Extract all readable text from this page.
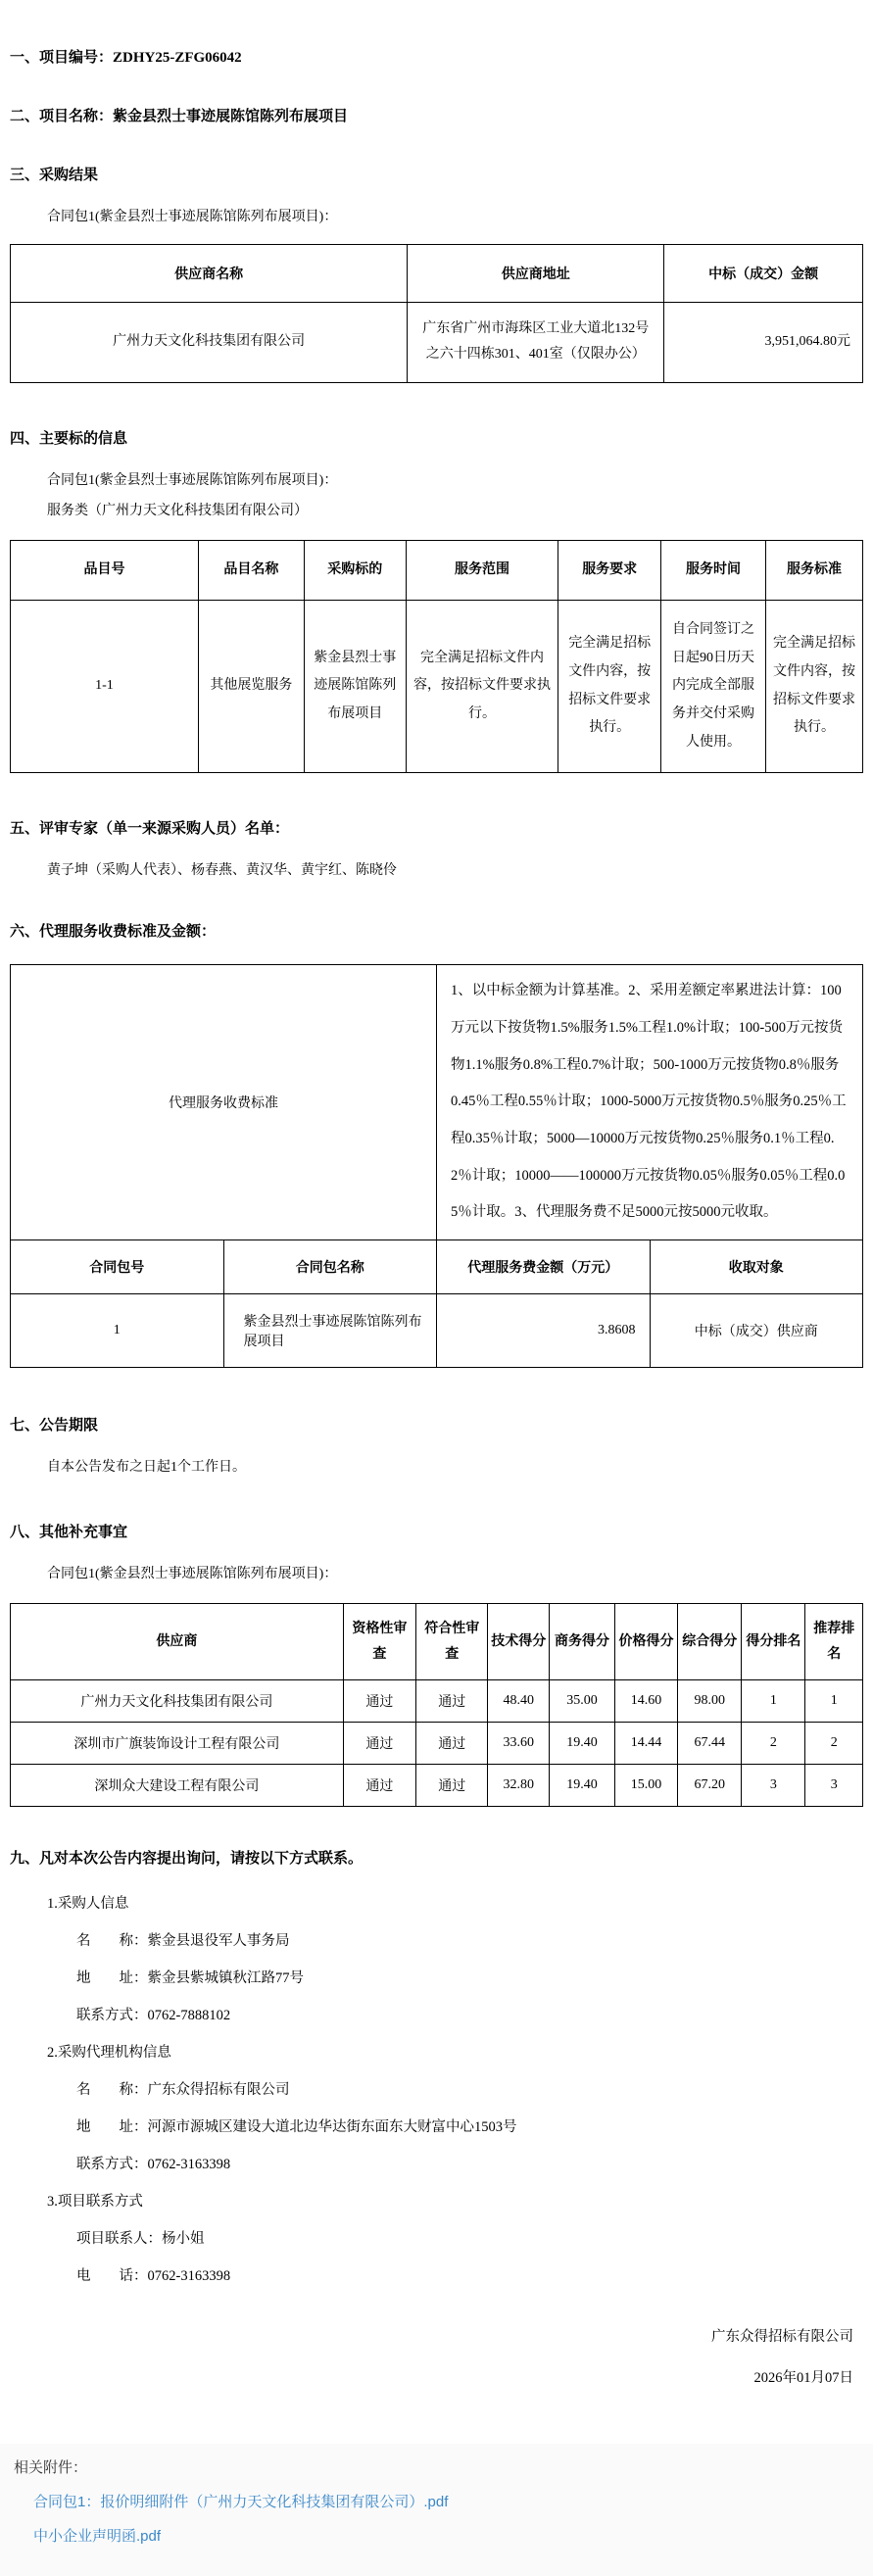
一、项目编号：ZDHY25-ZFG06042
二、项目名称：紫金县烈士事迹展陈馆陈列布展项目
三、采购结果
合同包1(紫金县烈士事迹展陈馆陈列布展项目)：
供应商名称	供应商地址	中标（成交）金额
广州力天文化科技集团有限公司	广东省广州市海珠区工业大道北132号之六十四栋301、401室（仅限办公）	3,951,064.80元
四、主要标的信息
合同包1(紫金县烈士事迹展陈馆陈列布展项目)：
服务类（广州力天文化科技集团有限公司）
品目号	品目名称	采购标的	服务范围	服务要求	服务时间	服务标准
1-1	其他展览服务	紫金县烈士事迹展陈馆陈列布展项目	完全满足招标文件内容，按招标文件要求执行。	完全满足招标文件内容，按招标文件要求执行。	自合同签订之日起90日历天内完成全部服务并交付采购人使用。	完全满足招标文件内容，按招标文件要求执行。
五、评审专家（单一来源采购人员）名单：
黄子坤（采购人代表）、杨春燕、黄汉华、黄宇红、陈晓伶
六、代理服务收费标准及金额：
代理服务收费标准		1、以中标金额为计算基准。2、采用差额定率累进法计算：100万元以下按货物1.5%服务1.5%工程1.0%计取；100-500万元按货物1.1%服务0.8%工程0.7%计取；500-1000万元按货物0.8％服务0.45％工程0.55％计取；1000-5000万元按货物0.5％服务0.25％工程0.35％计取；5000—10000万元按货物0.25％服务0.1％工程0.2％计取；10000——100000万元按货物0.05％服务0.05％工程0.05％计取。3、代理服务费不足5000元按5000元收取。	
合同包号	合同包名称	代理服务费金额（万元）	收取对象
1	紫金县烈士事迹展陈馆陈列布展项目	3.8608	中标（成交）供应商
七、公告期限
自本公告发布之日起1个工作日。
八、其他补充事宜
合同包1(紫金县烈士事迹展陈馆陈列布展项目)：
供应商	资格性审查	符合性审查	技术得分	商务得分	价格得分	综合得分	得分排名	推荐排名
广州力天文化科技集团有限公司	通过	通过	48.40	35.00	14.60	98.00	1	1
深圳市广旗装饰设计工程有限公司	通过	通过	33.60	19.40	14.44	67.44	2	2
深圳众大建设工程有限公司	通过	通过	32.80	19.40	15.00	67.20	3	3
九、凡对本次公告内容提出询问，请按以下方式联系。
1.采购人信息
名　　称：紫金县退役军人事务局
地　　址：紫金县紫城镇秋江路77号
联系方式：0762-7888102
2.采购代理机构信息
名　　称：广东众得招标有限公司
地　　址：河源市源城区建设大道北边华达街东面东大财富中心1503号
联系方式：0762-3163398
3.项目联系方式
项目联系人：杨小姐
电　　话：0762-3163398
广东众得招标有限公司
2026年01月07日
相关附件：
合同包1：报价明细附件（广州力天文化科技集团有限公司）.pdf
中小企业声明函.pdf
